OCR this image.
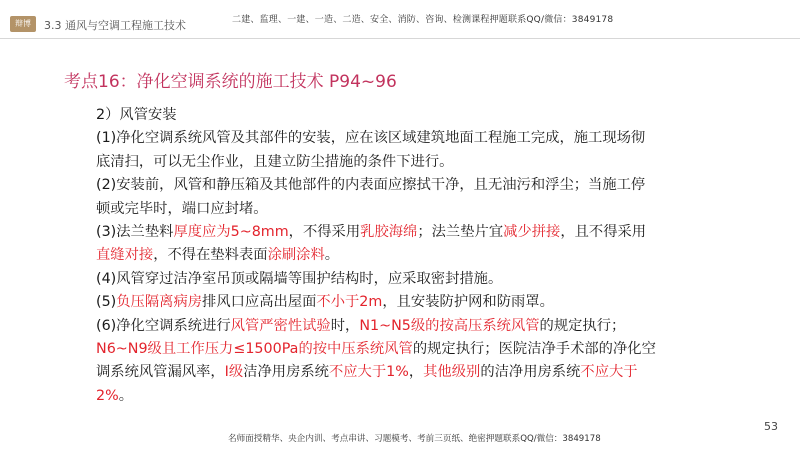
辩博	3.3 通风与空调工程施工技术	二建、监理、一建、一造、二造、安全、消防、咨询、检测课程押题联系QQ/微信：3849178
考点16：净化空调系统的施工技术 P94~96

2）风管安装

(1)净化空调系统风管及其部件的安装，应在该区域建筑地面工程施工完成，施工现场彻底清扫，可以无尘作业，且建立防尘措施的条件下进行。

(2)安装前，风管和静压箱及其他部件的内表面应擦拭干净，且无油污和浮尘；当施工停顿或完毕时，端口应封堵。

(3)法兰垫料厚度应为5~8mm，不得采用乳胶海绵；法兰垫片宜减少拼接，且不得采用直缝对接，不得在垫料表面涂刷涂料。

(4)风管穿过洁净室吊顶或隔墙等围护结构时，应采取密封措施。

(5)负压隔离病房排风口应高出屋面不小于2m，且安装防护网和防雨罩。

(6)净化空调系统进行风管严密性试验时，N1~N5级的按高压系统风管的规定执行；N6~N9级且工作压力≤1500Pa的按中压系统风管的规定执行；医院洁净手术部的净化空调系统风管漏风率，Ⅰ级洁净用房系统不应大于1%，其他级别的洁净用房系统不应大于2%。

53
名师面授精华、央企内训、考点串讲、习题模考、考前三页纸、绝密押题联系QQ/微信：3849178
